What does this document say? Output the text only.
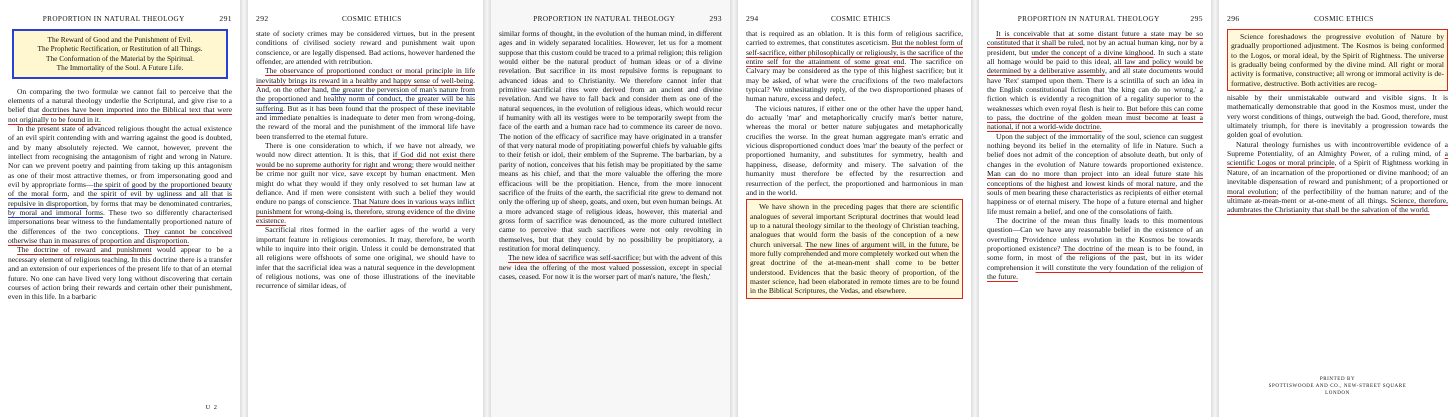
PROPORTION IN NATURAL THEOLOGY	291
The Reward of Good and the Punishment of Evil.
The Prophetic Rectification, or Restitution of all Things.
The Conformation of the Material by the Spiritual.
The Immortality of the Soul. A Future Life.

On comparing the two formulæ we cannot fail to perceive that the elements of a natural theology underlie the Scriptural, and give rise to a belief that doctrines have been imported into the Biblical text that were not originally to be found in it.

In the present state of advanced religious thought the actual existence of an evil spirit contending with and warring against the good is doubted, and by many absolutely rejected. We cannot, however, prevent the intellect from recognising the antagonism of right and wrong in Nature. Nor can we prevent poetry and painting from taking up this antagonism as one of their most attractive themes, or from impersonating good and evil by appropriate forms—the spirit of good by the proportioned beauty of the moral form, and the spirit of evil by ugliness and all that is repulsive in disproportion, by forms that may be denominated contraries, by moral and immoral forms. These two so differently characterised impersonations bear witness to the fundamentally proportioned nature of the differences of the two conceptions. They cannot be conceived otherwise than in measures of proportion and disproportion.

The doctrine of reward and punishment would appear to be a necessary element of religious teaching. In this doctrine there is a transfer and an extension of our experiences of the present life to that of an eternal future. No one can have lived very long without discovering that certain courses of action bring their rewards and certain other their punishment, even in this life. In a barbaric

U 2
292	COSMIC ETHICS

state of society crimes may be considered virtues, but in the present conditions of civilised society reward and punishment wait upon conscience, or are legally dispensed. Bad actions, however hardened the offender, are attended with retribution.

The observance of proportioned conduct or moral principle in life inevitably brings its reward in a healthy and happy sense of well-being. And, on the other hand, the greater the perversion of man's nature from the proportioned and healthy norm of conduct, the greater will be his suffering. But as it has been found that the prospect of these inevitable and immediate penalties is inadequate to deter men from wrong-doing, the reward of the moral and the punishment of the immoral life have been transferred to the eternal future.

There is one consideration to which, if we have not already, we would now direct attention. It is this, that if God did not exist there would be no supreme authority for right and wrong; there would neither be crime nor guilt nor vice, save except by human enactment. Men might do what they would if they only resolved to set human law at defiance. And if men were consistent with such a belief they would endure no pangs of conscience. That Nature does in various ways inflict punishment for wrong-doing is, therefore, strong evidence of the divine existence.

Sacrificial rites formed in the earlier ages of the world a very important feature in religious ceremonies. It may, therefore, be worth while to inquire into their origin. Unless it could be demonstrated that all religions were offshoots of some one original, we should have to infer that the sacrificial idea was a natural sequence in the development of religious notions, was one of those illustrations of the inevitable recurrence of similar ideas, of

PROPORTION IN NATURAL THEOLOGY	293

similar forms of thought, in the evolution of the human mind, in different ages and in widely separated localities. However, let us for a moment suppose that this custom could be traced to a primal religion; this religion would either be the natural product of human ideas or of a divine revelation. But sacrifice in its most repulsive forms is repugnant to advanced ideas and to Christianity. We therefore cannot infer that primitive sacrificial rites were derived from an ancient and divine revelation. And we have to fall back and consider them as one of the natural sequences, in the evolution of religious ideas, which would recur if humanity with all its vestiges were to be temporarily swept from the face of the earth and a human race had to commence its career de novo. The notion of the efficacy of sacrifice may have originated in a transfer of that very natural mode of propitiating powerful chiefs by valuable gifts to their fetish or idol, their emblem of the Supreme. The barbarian, by a parity of notion, conceives that his fetish may be propitiated by the same means as his chief, and that the more valuable the offering the more efficacious will be the propitiation. Hence, from the more innocent sacrifice of the fruits of the earth, the sacrificial rite grew to demand not only the offering up of sheep, goats, and oxen, but even human beings. At a more advanced stage of religious ideas, however, this material and gross form of sacrifice was denounced, as the more cultured intellect came to perceive that such sacrifices were not only revolting in themselves, but that they could by no possibility be propitiatory, a restitution for moral delinquency.

The new idea of sacrifice was self-sacrifice; but with the advent of this new idea the offering of the most valued possession, except in special cases, ceased. For now it is the worser part of man's nature, 'the flesh,'

294	COSMIC ETHICS

that is required as an oblation. It is this form of religious sacrifice, carried to extremes, that constitutes asceticism. But the noblest form of self-sacrifice, either philosophically or religiously, is the sacrifice of the entire self for the attainment of some great end. The sacrifice on Calvary may be considered as the type of this highest sacrifice; but it may be asked, of what were the crucifixions of the two malefactors typical? We unhesitatingly reply, of the two disproportioned phases of human nature, excess and defect.

The vicious natures, if either one or the other have the upper hand, do actually 'mar' and metaphorically crucify man's better nature, whereas the moral or better nature subjugates and metaphorically crucifies the worse. In the great human aggregate man's erratic and vicious disproportioned conduct does 'mar' the beauty of the perfect or proportioned humanity, and substitutes for symmetry, health and happiness, disease, deformity and misery. The salvation of the humanity must therefore be effected by the resurrection and resurrection of the perfect, the proportioned and harmonious in man and in the world.

We have shown in the preceding pages that there are scientific analogues of several important Scriptural doctrines that would lead up to a natural theology similar to the theology of Christian teaching, analogues that would form the basis of the conception of a new church universal. The new lines of argument will, in the future, be more fully comprehended and more completely worked out when the great doctrine of the at-mean-ment shall come to be better understood. Evidences that the basic theory of proportion, of the master science, had been elaborated in remote times are to be found in the Biblical Scriptures, the Vedas, and elsewhere.

PROPORTION IN NATURAL THEOLOGY	295

It is conceivable that at some distant future a state may be so constituted that it shall be ruled, not by an actual human king, nor by a president, but under the concept of a divine kinghood. In such a state all homage would be paid to this ideal, all law and policy would be determined by a deliberative assembly, and all state documents would have 'Rex' stamped upon them. There is a scintilla of such an idea in the English constitutional fiction that 'the king can do no wrong,' a fiction which is evidently a recognition of a regality superior to the weaknesses which even royal flesh is heir to. But before this can come to pass, the doctrine of the golden mean must become at least a national, if not a world-wide doctrine.

Upon the subject of the immortality of the soul, science can suggest nothing beyond its belief in the eternality of life in Nature. Such a belief does not admit of the conception of absolute death, but only of changes in the evolution of Nature towards proportioned existence. Man can do no more than project into an ideal future state his conceptions of the highest and lowest kinds of moral nature, and the souls of men bearing these characteristics as recipients of either eternal happiness or of eternal misery. The hope of a future eternal and higher life must remain a belief, and one of the consolations of faith.

The doctrine of the mean thus finally leads to this momentous question—Can we have any reasonable belief in the existence of an overruling Providence unless evolution in the Kosmos be towards proportioned existence? The doctrine of the mean is to be found, in some form, in most of the religions of the past, but in its wider comprehension it will constitute the very foundation of the religion of the future.

296	COSMIC ETHICS

Science foreshadows the progressive evolution of Nature by gradually proportioned adjustment. The Kosmos is being conformed to the Logos, or moral ideal, by the Spirit of Rightness. The universe is gradually being conformed by the divine mind. All right or moral activity is formative, constructive; all wrong or immoral activity is de-formative, destructive. Both activities are recog-

nisable by their unmistakable outward and visible signs. It is mathematically demonstrable that good in the Kosmos must, under the very worst conditions of things, outweigh the bad. Good, therefore, must ultimately triumph, for there is inevitably a progression towards the golden goal of evolution.

Natural theology furnishes us with incontrovertible evidence of a Supreme Potentiality, of an Almighty Power, of a ruling mind, of a scientific Logos or moral principle, of a Spirit of Rightness working in Nature, of an incarnation of the proportioned or divine manhood; of an inevitable dispensation of reward and punishment; of a proportioned or moral evolution; of the perfectibility of the human nature; and of the ultimate at-mean-ment or at-one-ment of all things. Science, therefore, adumbrates the Christianity that shall be the salvation of the world.

PRINTED BY
SPOTTISWOODE AND CO., NEW-STREET SQUARE
LONDON
